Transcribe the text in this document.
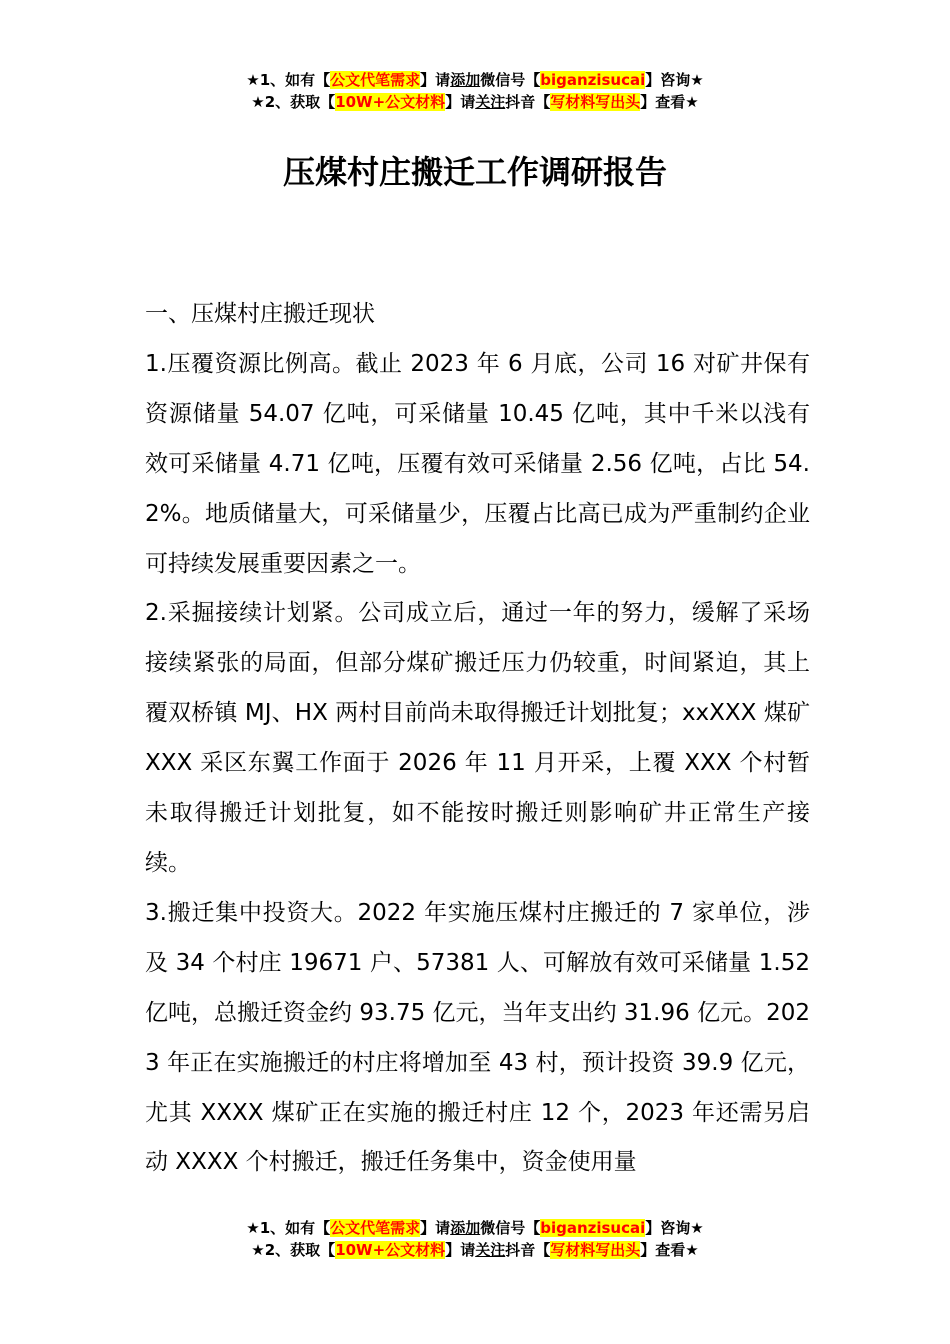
★1、如有【公文代笔需求】请添加微信号【biganzisucai】咨询★
★2、获取【10W+公文材料】请关注抖音【写材料写出头】查看★
压煤村庄搬迁工作调研报告

一、压煤村庄搬迁现状

1.压覆资源比例高。截止 2023 年 6 月底，公司 16 对矿井保有资源储量 54.07 亿吨，可采储量 10.45 亿吨，其中千米以浅有效可采储量 4.71 亿吨，压覆有效可采储量 2.56 亿吨，占比 54.2%。地质储量大，可采储量少，压覆占比高已成为严重制约企业可持续发展重要因素之一。

2.采掘接续计划紧。公司成立后，通过一年的努力，缓解了采场接续紧张的局面，但部分煤矿搬迁压力仍较重，时间紧迫，其上覆双桥镇 MJ、HX 两村目前尚未取得搬迁计划批复；xxXXX 煤矿 XXX 采区东翼工作面于 2026 年 11 月开采，上覆 XXX 个村暂未取得搬迁计划批复，如不能按时搬迁则影响矿井正常生产接续。

3.搬迁集中投资大。2022 年实施压煤村庄搬迁的 7 家单位，涉及 34 个村庄 19671 户、57381 人、可解放有效可采储量 1.52 亿吨，总搬迁资金约 93.75 亿元，当年支出约 31.96 亿元。2023 年正在实施搬迁的村庄将增加至 43 村，预计投资 39.9 亿元，尤其 XXXX 煤矿正在实施的搬迁村庄 12 个，2023 年还需另启动 XXXX 个村搬迁，搬迁任务集中，资金使用量

★1、如有【公文代笔需求】请添加微信号【biganzisucai】咨询★
★2、获取【10W+公文材料】请关注抖音【写材料写出头】查看★
